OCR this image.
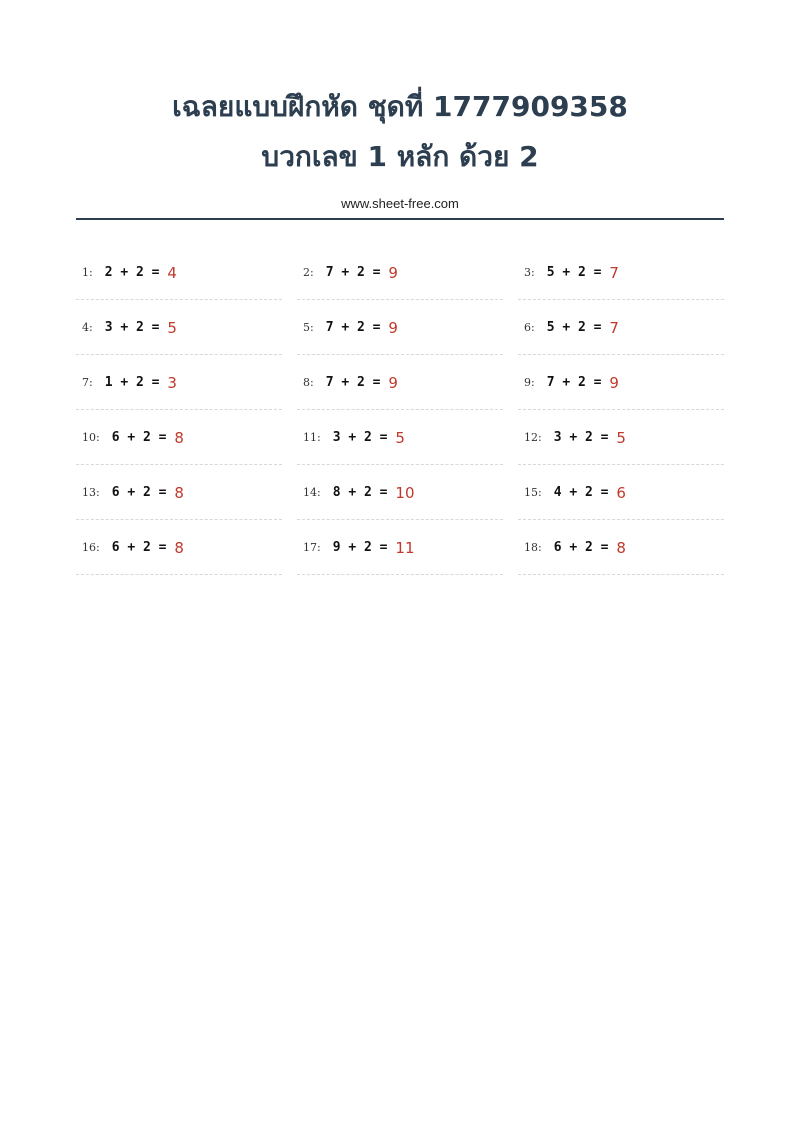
เฉลยแบบฝึกหัด ชุดที่ 1777909358
บวกเลข 1 หลัก ด้วย 2
www.sheet-free.com
1: 2 + 2 = 4	2: 7 + 2 = 9	3: 5 + 2 = 7
4: 3 + 2 = 5	5: 7 + 2 = 9	6: 5 + 2 = 7
7: 1 + 2 = 3	8: 7 + 2 = 9	9: 7 + 2 = 9
10: 6 + 2 = 8	11: 3 + 2 = 5	12: 3 + 2 = 5
13: 6 + 2 = 8	14: 8 + 2 = 10	15: 4 + 2 = 6
16: 6 + 2 = 8	17: 9 + 2 = 11	18: 6 + 2 = 8
